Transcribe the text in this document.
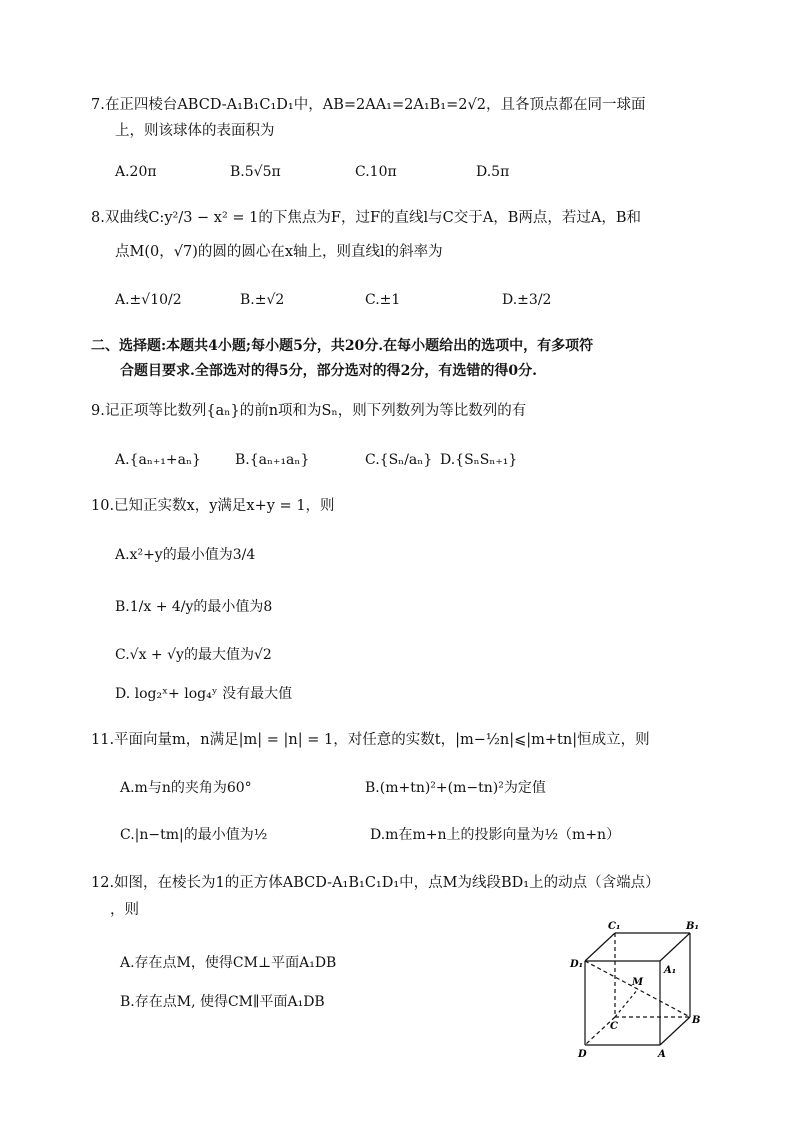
7.在正四棱台ABCD-A₁B₁C₁D₁中，AB=2AA₁=2A₁B₁=2√2，且各顶点都在同一球面
上，则该球体的表面积为
A.20π	B.5√5π	C.10π	D.5π
8.双曲线C:y²/3 − x² = 1的下焦点为F，过F的直线l与C交于A，B两点，若过A，B和
点M(0，√7)的圆的圆心在x轴上，则直线l的斜率为
A.±√10/2	B.±√2	C.±1	D.±3/2
二、选择题:本题共4小题;每小题5分，共20分.在每小题给出的选项中，有多项符
合题目要求.全部选对的得5分，部分选对的得2分，有选错的得0分.
9.记正项等比数列{aₙ}的前n项和为Sₙ，则下列数列为等比数列的有
A.{aₙ₊₁+aₙ} B.{aₙ₊₁aₙ}	C.{Sₙ/aₙ} D.{SₙSₙ₊₁}
10.已知正实数x，y满足x+y = 1，则
A.x²+y的最小值为3/4
B.1/x + 4/y的最小值为8
C.√x + √y的最大值为√2
D. log₂ˣ+ log₄ʸ 没有最大值
11.平面向量m，n满足|m| = |n| = 1，对任意的实数t，|m−½n|⩽|m+tn|恒成立，则
A.m与n的夹角为60°	B.(m+tn)²+(m−tn)²为定值
C.|n−tm|的最小值为½	D.m在m+n上的投影向量为½（m+n）
12.如图，在棱长为1的正方体ABCD-A₁B₁C₁D₁中，点M为线段BD₁上的动点（含端点）
，则
A.存在点M，使得CM⊥平面A₁DB
B.存在点M, 使得CM∥平面A₁DB
C₁	B₁
D₁
A₁
M
C
B
D	A
